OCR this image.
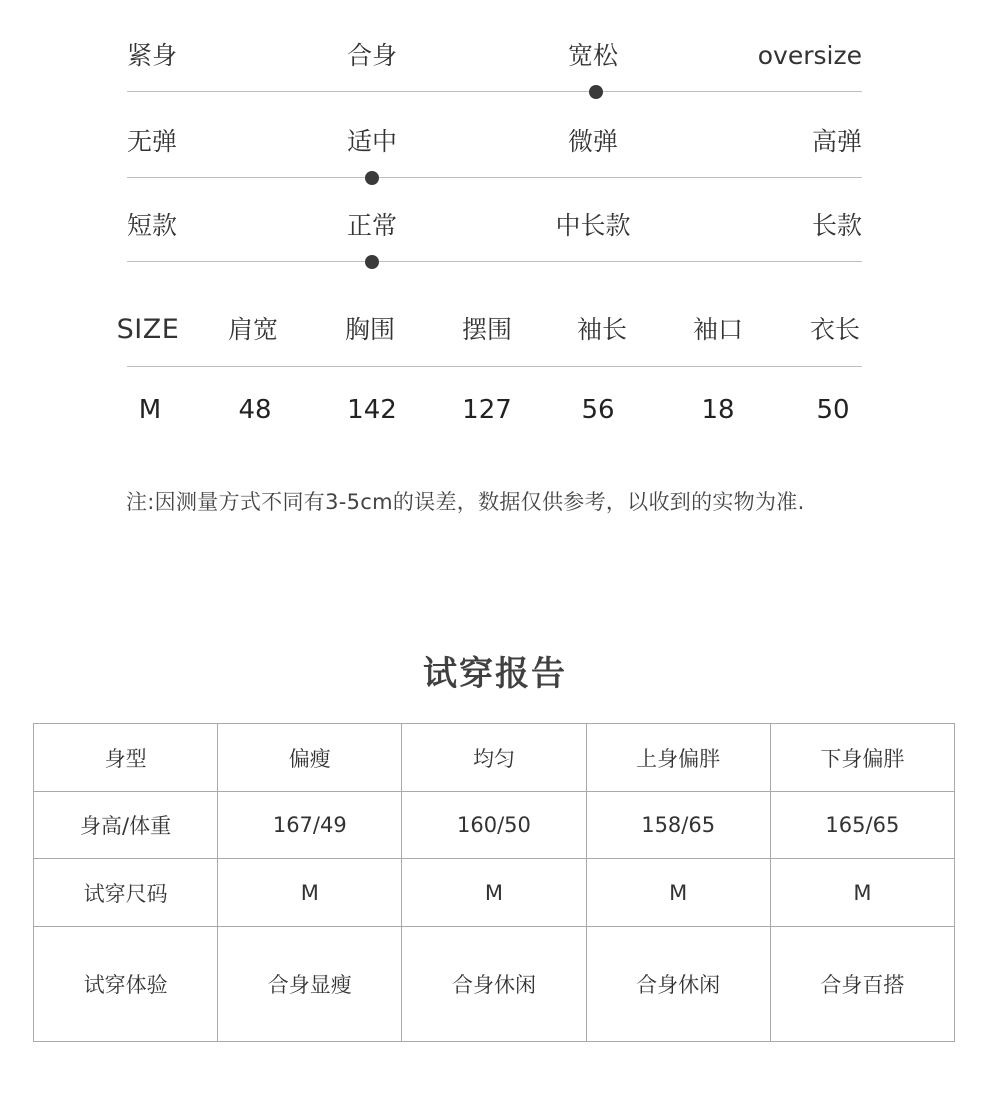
紧身	合身	宽松	oversize
无弹	适中	微弹	高弹
短款	正常	中长款	长款
SIZE 肩宽	胸围	摆围	袖长	袖口	衣长
M	48	142	127	56	18	50
注:因测量方式不同有3-5cm的误差，数据仅供参考，以收到的实物为准.
试穿报告
身型	偏瘦	均匀	上身偏胖	下身偏胖
身高/体重	167/49	160/50	158/65	165/65
试穿尺码	M	M	M	M
试穿体验	合身显瘦	合身休闲	合身休闲	合身百搭
